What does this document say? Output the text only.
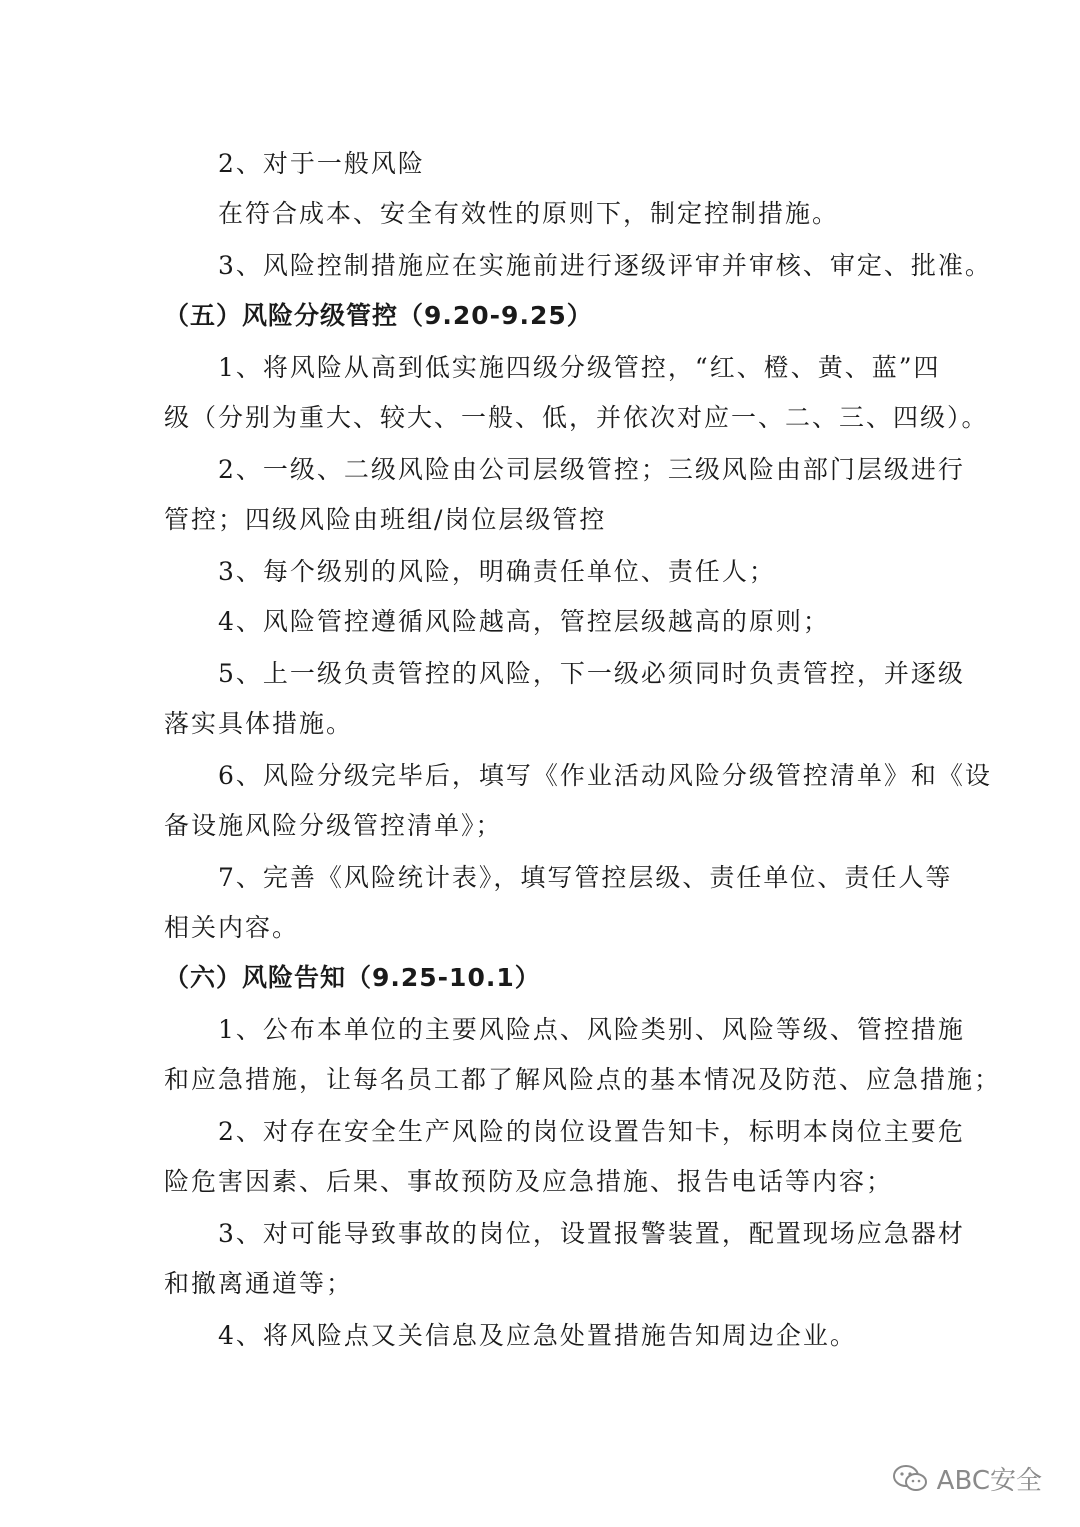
2、对于一般风险
在符合成本、安全有效性的原则下，制定控制措施。
3、风险控制措施应在实施前进行逐级评审并审核、审定、批准。
（五）风险分级管控（9.20-9.25）
1、将风险从高到低实施四级分级管控，“红、橙、黄、蓝”四
级（分别为重大、较大、一般、低，并依次对应一、二、三、四级）。
2、一级、二级风险由公司层级管控；三级风险由部门层级进行
管控；四级风险由班组/岗位层级管控
3、每个级别的风险，明确责任单位、责任人；
4、风险管控遵循风险越高，管控层级越高的原则；
5、上一级负责管控的风险，下一级必须同时负责管控，并逐级
落实具体措施。
6、风险分级完毕后，填写《作业活动风险分级管控清单》和《设
备设施风险分级管控清单》；
7、完善《风险统计表》，填写管控层级、责任单位、责任人等
相关内容。
（六）风险告知（9.25-10.1）
1、公布本单位的主要风险点、风险类别、风险等级、管控措施
和应急措施，让每名员工都了解风险点的基本情况及防范、应急措施；
2、对存在安全生产风险的岗位设置告知卡，标明本岗位主要危
险危害因素、后果、事故预防及应急措施、报告电话等内容；
3、对可能导致事故的岗位，设置报警装置，配置现场应急器材
和撤离通道等；
4、将风险点又关信息及应急处置措施告知周边企业。
ABC安全
